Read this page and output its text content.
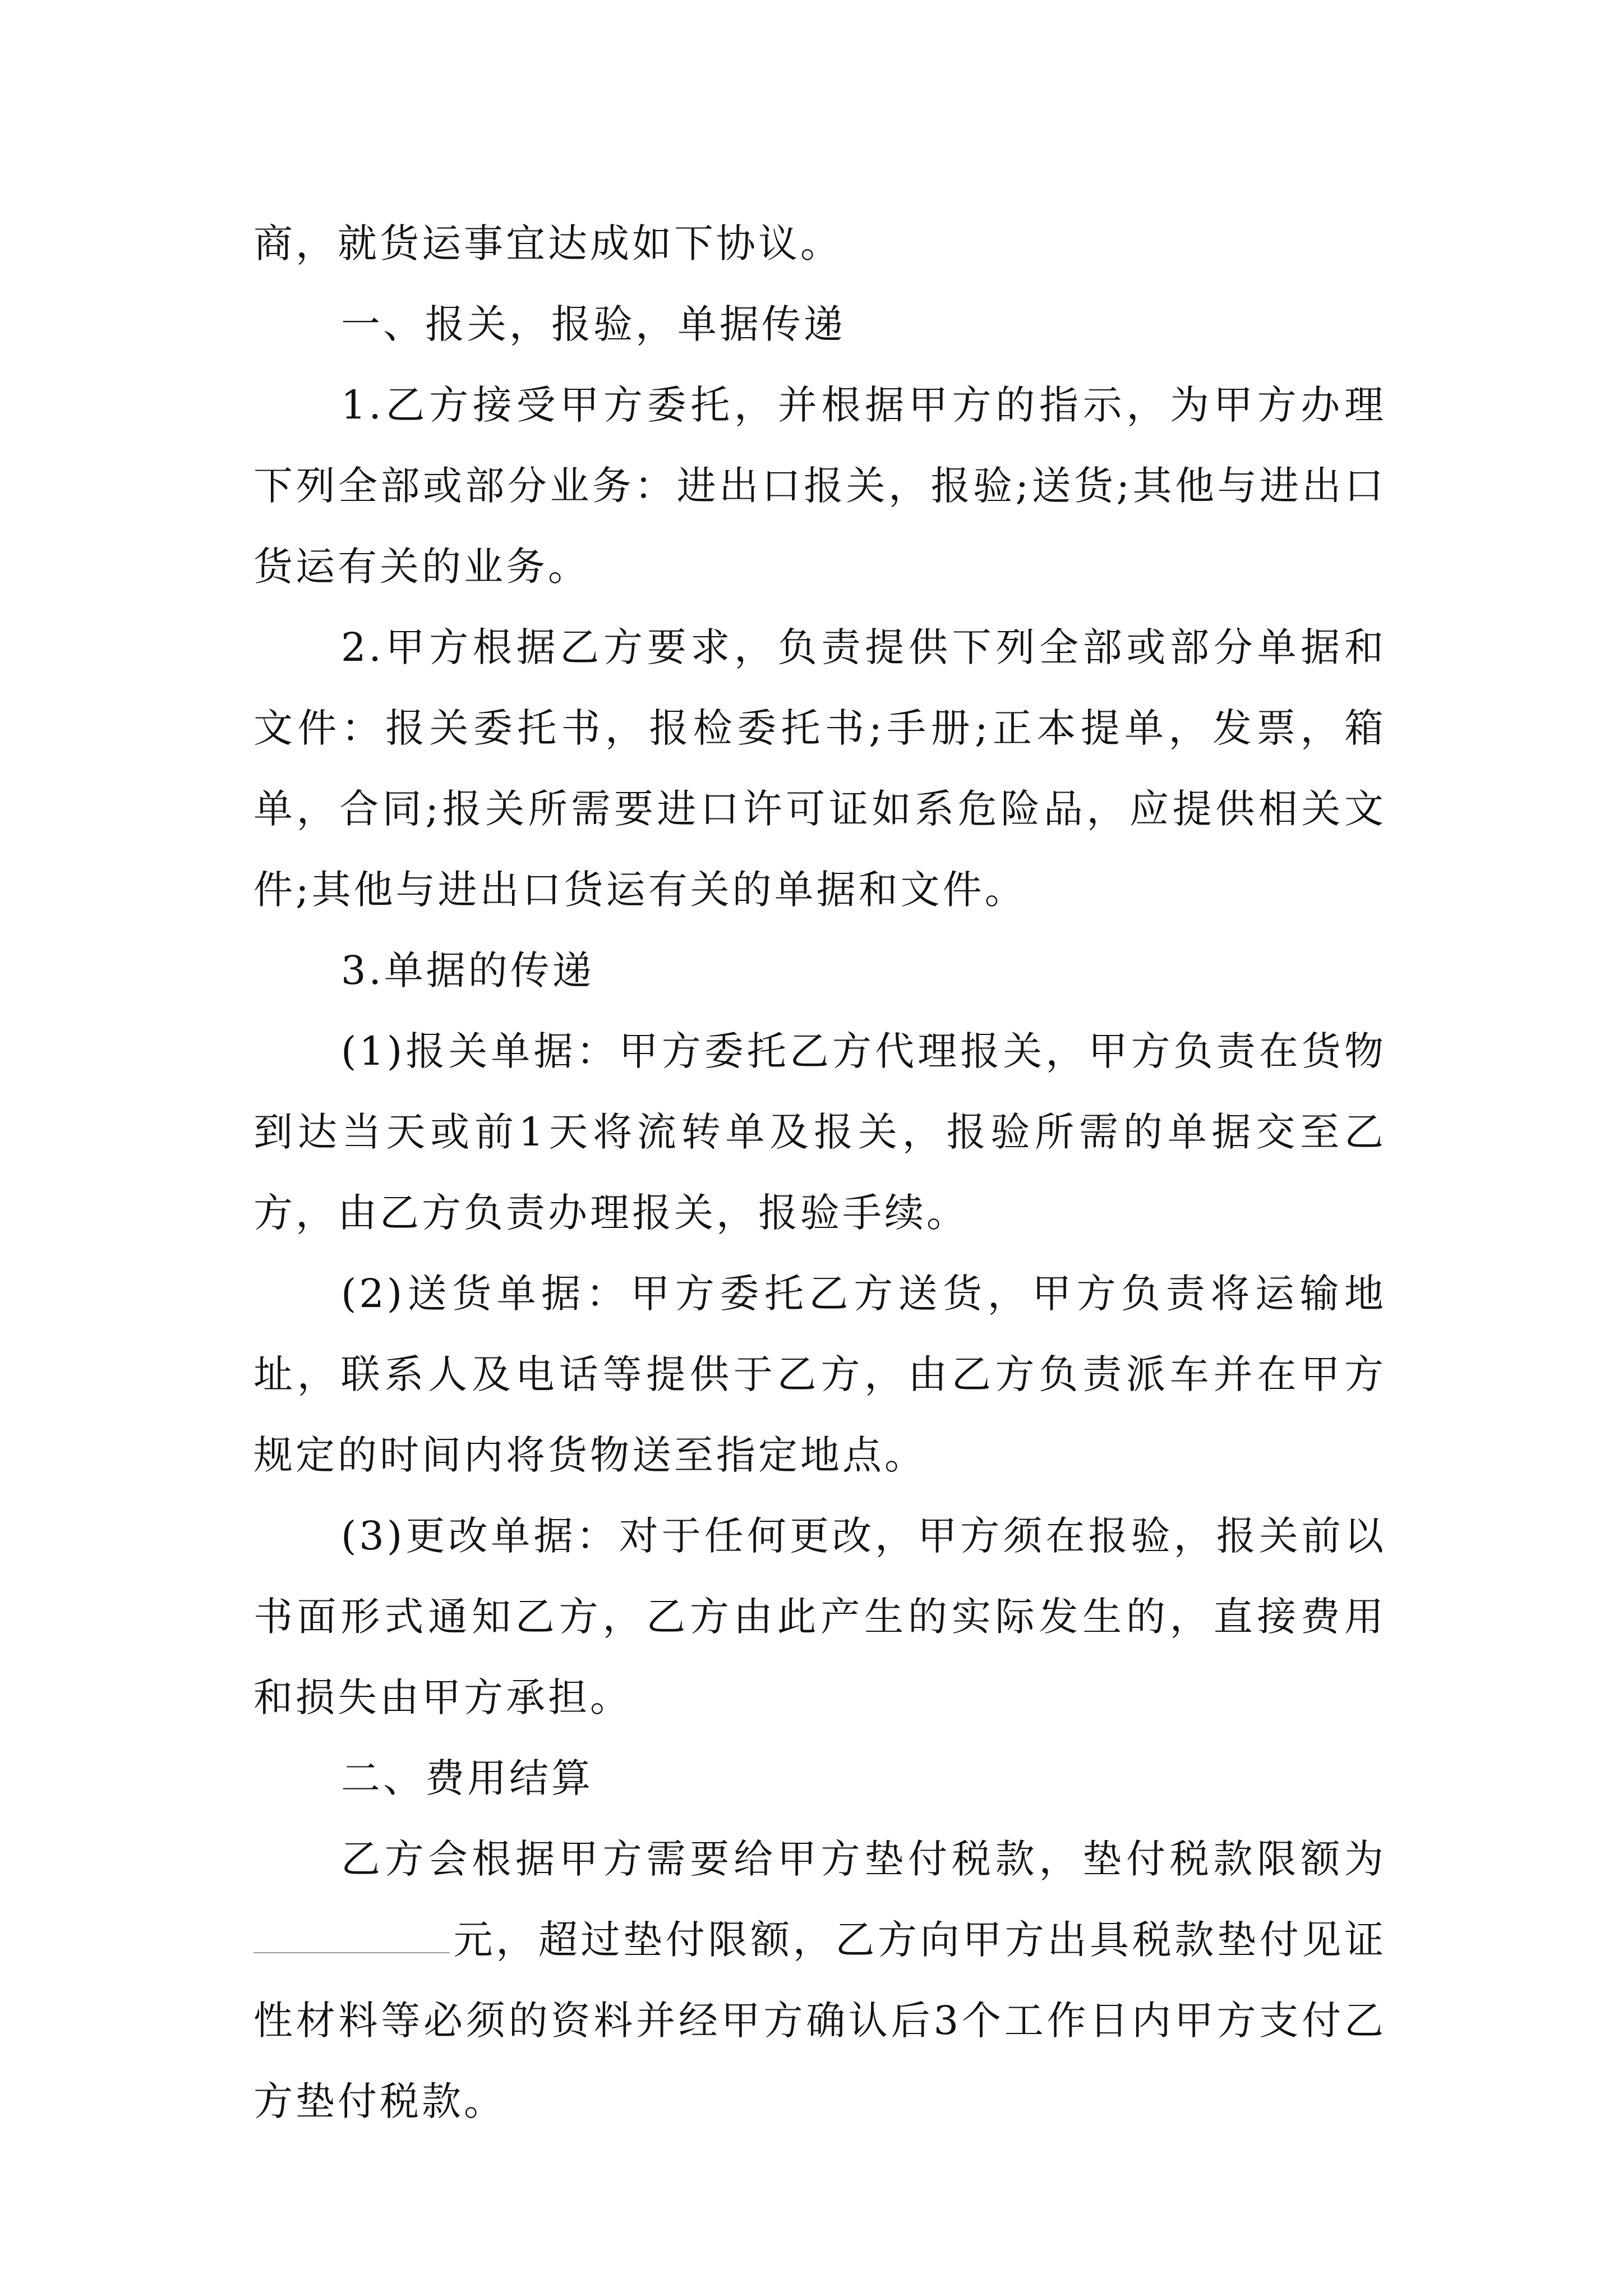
商，就货运事宜达成如下协议。

一、报关，报验，单据传递

1.乙方接受甲方委托，并根据甲方的指示，为甲方办理下列全部或部分业务：进出口报关，报验;送货;其他与进出口货运有关的业务。

2.甲方根据乙方要求，负责提供下列全部或部分单据和文件：报关委托书，报检委托书;手册;正本提单，发票，箱单，合同;报关所需要进口许可证如系危险品，应提供相关文件;其他与进出口货运有关的单据和文件。

3.单据的传递

(1)报关单据：甲方委托乙方代理报关，甲方负责在货物到达当天或前1天将流转单及报关，报验所需的单据交至乙方，由乙方负责办理报关，报验手续。

(2)送货单据：甲方委托乙方送货，甲方负责将运输地址，联系人及电话等提供于乙方，由乙方负责派车并在甲方规定的时间内将货物送至指定地点。

(3)更改单据：对于任何更改，甲方须在报验，报关前以书面形式通知乙方，乙方由此产生的实际发生的，直接费用和损失由甲方承担。

二、费用结算

乙方会根据甲方需要给甲方垫付税款，垫付税款限额为元，超过垫付限额，乙方向甲方出具税款垫付见证性材料等必须的资料并经甲方确认后3个工作日内甲方支付乙方垫付税款。
